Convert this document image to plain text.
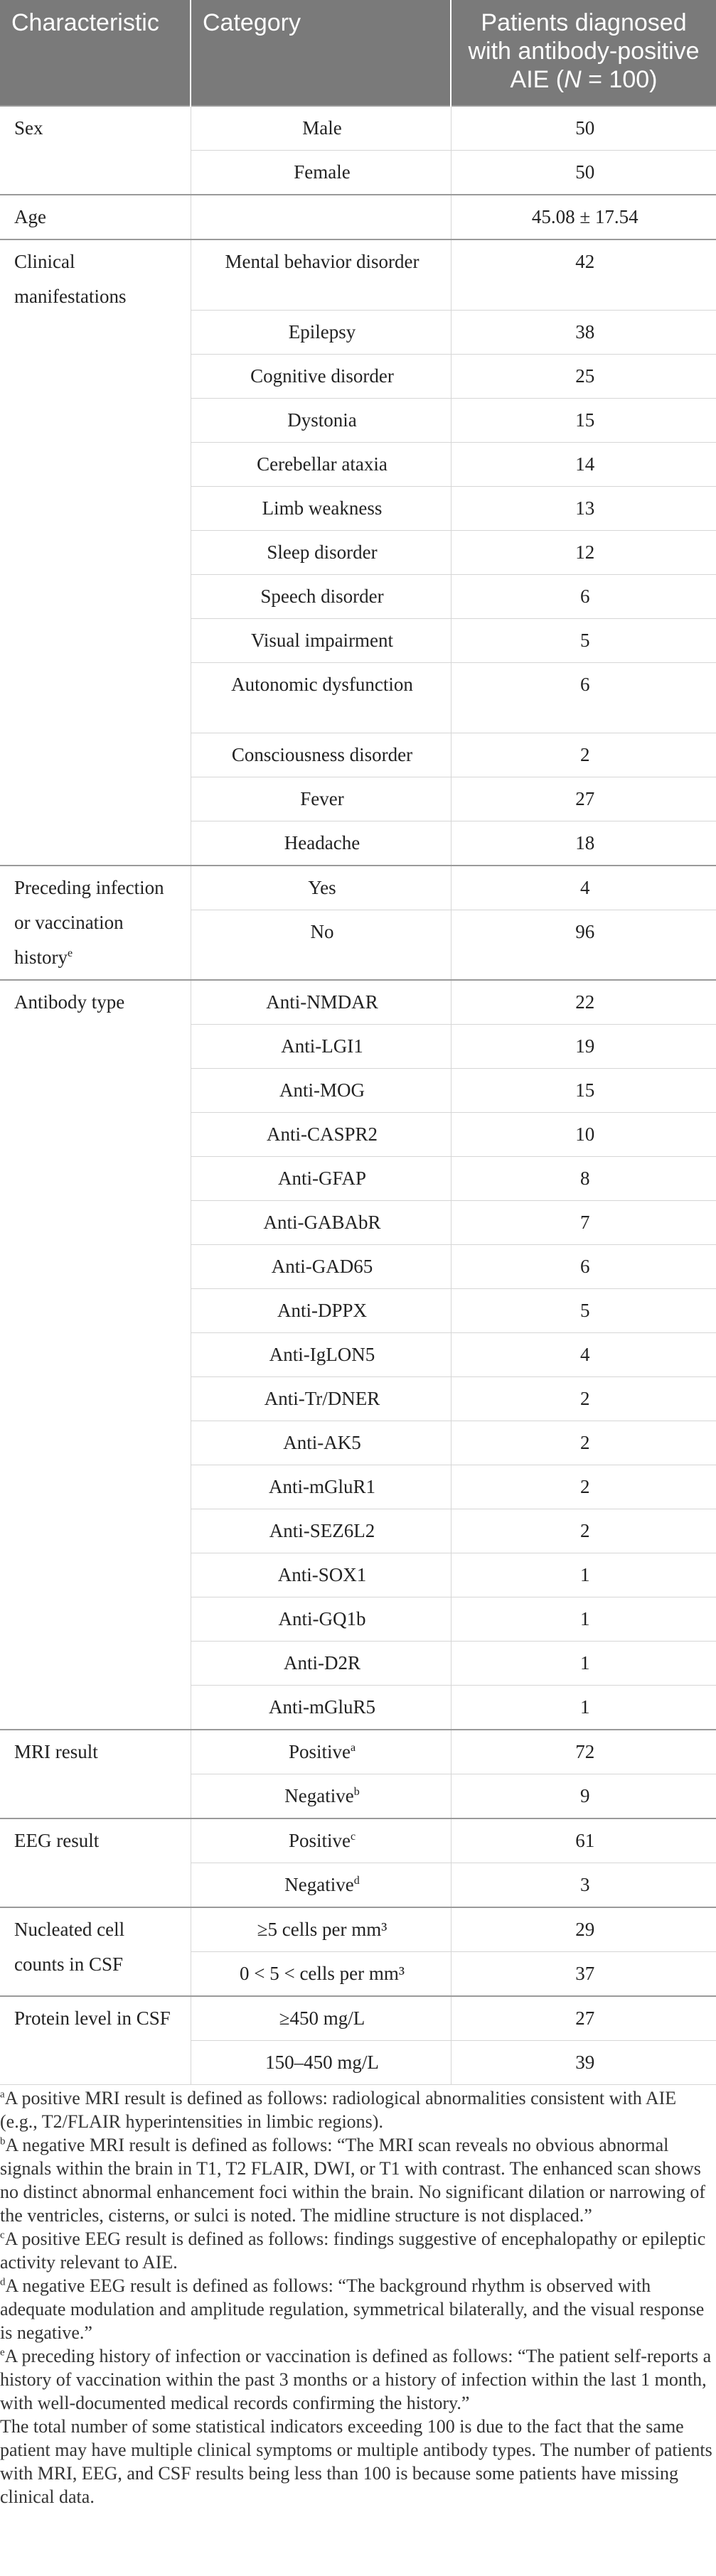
Characteristic	Category	Patients diagnosed with antibody-positive AIE (N = 100)
Sex	Male	50
	Female	50
Age		45.08 ± 17.54
Clinical manifestations	Mental behavior disorder	42
	Epilepsy	38
	Cognitive disorder	25
	Dystonia	15
	Cerebellar ataxia	14
	Limb weakness	13
	Sleep disorder	12
	Speech disorder	6
	Visual impairment	5
	Autonomic dysfunction	6
	Consciousness disorder	2
	Fever	27
	Headache	18
Preceding infection or vaccination history$^e$	Yes	4
	No	96
Antibody type	Anti-NMDAR	22
	Anti-LGI1	19
	Anti-MOG	15
	Anti-CASPR2	10
	Anti-GFAP	8
	Anti-GABAbR	7
	Anti-GAD65	6
	Anti-DPPX	5
	Anti-IgLON5	4
	Anti-Tr/DNER	2
	Anti-AK5	2
	Anti-mGluR1	2
	Anti-SEZ6L2	2
	Anti-SOX1	1
	Anti-GQ1b	1
	Anti-D2R	1
	Anti-mGluR5	1
MRI result	Positive$^a$	72
	Negative$^b$	9
EEG result	Positive$^c$	61
	Negative$^d$	3
Nucleated cell counts in CSF	≥5 cells per mm³	29
	0 < 5 < cells per mm³	37
Protein level in CSF	≥450 mg/L	27
	150–450 mg/L	39

$^a$A positive MRI result is defined as follows: radiological abnormalities consistent with AIE (e.g., T2/FLAIR hyperintensities in limbic regions).

$^b$A negative MRI result is defined as follows: “The MRI scan reveals no obvious abnormal signals within the brain in T1, T2 FLAIR, DWI, or T1 with contrast. The enhanced scan shows no distinct abnormal enhancement foci within the brain. No significant dilation or narrowing of the ventricles, cisterns, or sulci is noted. The midline structure is not displaced.”

$^c$A positive EEG result is defined as follows: findings suggestive of encephalopathy or epileptic activity relevant to AIE.

$^d$A negative EEG result is defined as follows: “The background rhythm is observed with adequate modulation and amplitude regulation, symmetrical bilaterally, and the visual response is negative.”

$^e$A preceding history of infection or vaccination is defined as follows: “The patient self-reports a history of vaccination within the past 3 months or a history of infection within the last 1 month, with well-documented medical records confirming the history.”

The total number of some statistical indicators exceeding 100 is due to the fact that the same patient may have multiple clinical symptoms or multiple antibody types. The number of patients with MRI, EEG, and CSF results being less than 100 is because some patients have missing clinical data.
